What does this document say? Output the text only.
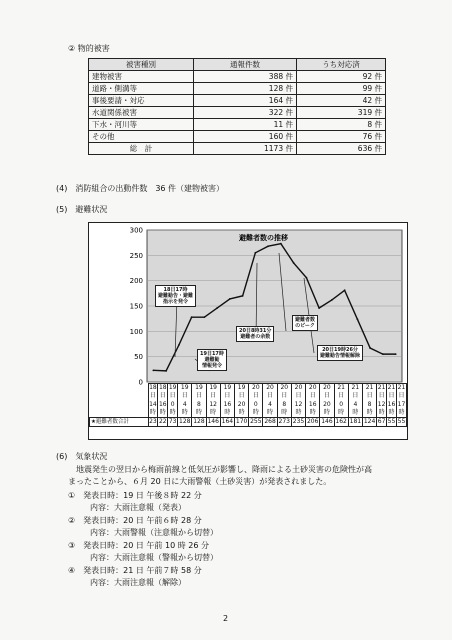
② 物的被害
被害種別	通報件数	うち対応済
建物被害	388 件	92 件
道路・側溝等	128 件	99 件
事後要請・対応	164 件	42 件
水道関係被害	322 件	319 件
下水・河川等	11 件	8 件
その他	160 件	76 件
総　計	1173 件	636 件
(4)　消防組合の出動件数　36 件（建物被害）
(5)　避難状況
0
50
100
150
200
250
300
避難者数の推移
18日17時
避難勧告・避難
指示を発令
19日17時
避難勧
情報発令
20日8時31分
避難者の余数
避難者数
のピーク
20日19時26分
避難勧告情報解除
	18
日
14
時	18
日
16
時	19
日
0
時	19
日
4
時	19
日
8
時	19
日
12
時	19
日
16
時	19
日
20
時	20
日
0
時	20
日
4
時	20
日
8
時	20
日
12
時	20
日
16
時	20
日
20
時	21
日
0
時	21
日
4
時	21
日
8
時	21
日
12
時	21
日
16
時	21
日
17
時
★避難者数合計	23	22	73	128	128	146	164	170	255	268	273	235	206	146	162	181	124	67	55	55
(6)　気象状況
　地震発生の翌日から梅雨前線と低気圧が影響し、降雨による土砂災害の危険性が高
まったことから、６月 20 日に大雨警報（土砂災害）が発表されました。
①　発表日時：19 日 午後８時 22 分
内容：大雨注意報（発表）
②　発表日時：20 日 午前６時 28 分
内容：大雨警報（注意報から切替）
③　発表日時：20 日 午前 10 時 26 分
内容：大雨注意報（警報から切替）
④　発表日時：21 日 午前７時 58 分
内容：大雨注意報（解除）
2
